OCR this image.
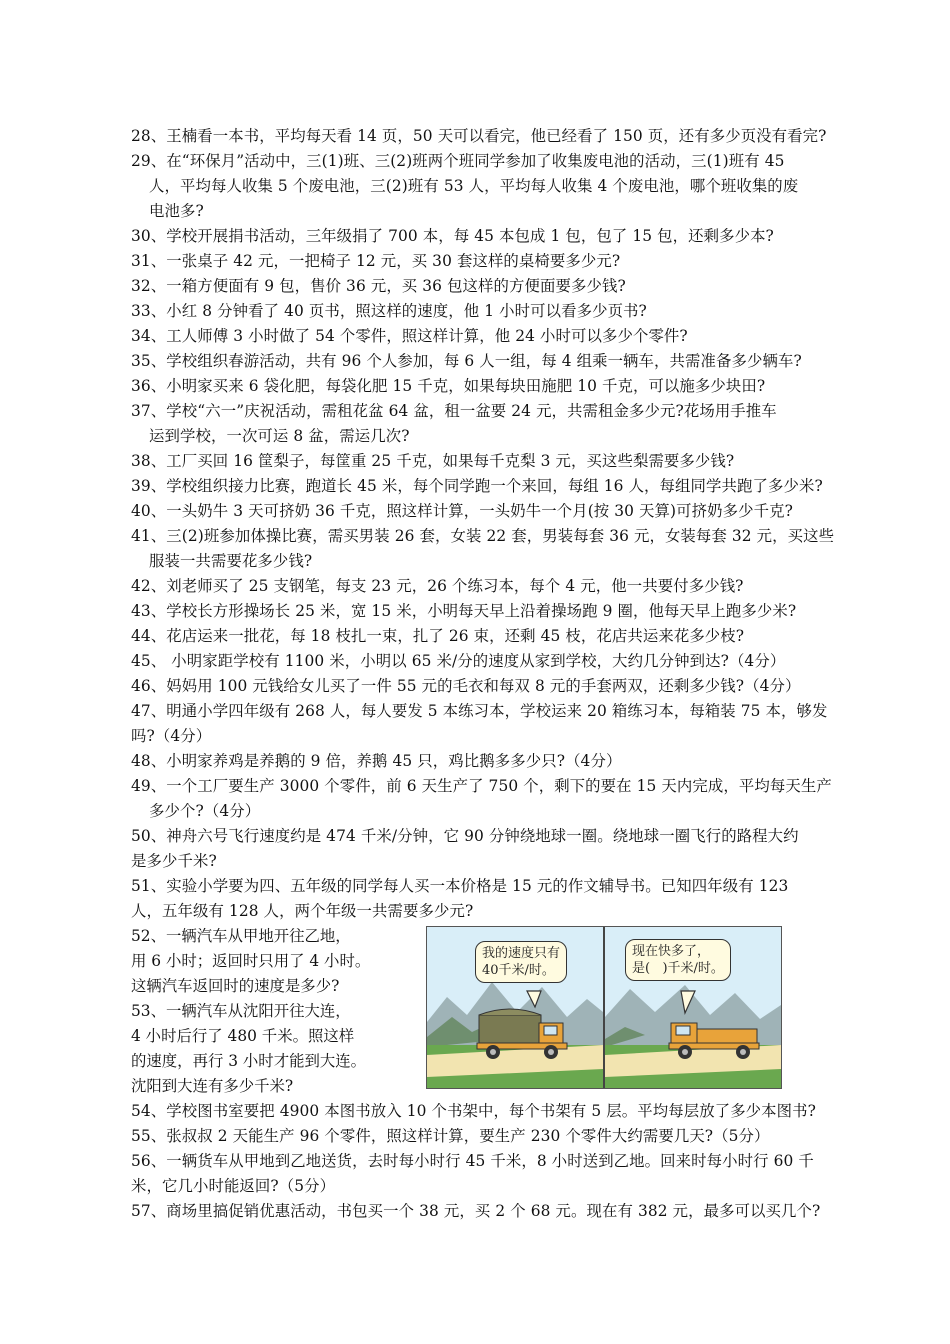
28、王楠看一本书，平均每天看 14 页，50 天可以看完，他已经看了 150 页，还有多少页没有看完?
29、在“环保月”活动中，三(1)班、三(2)班两个班同学参加了收集废电池的活动，三(1)班有 45
人，平均每人收集 5 个废电池，三(2)班有 53 人，平均每人收集 4 个废电池，哪个班收集的废
电池多?
30、学校开展捐书活动，三年级捐了 700 本，每 45 本包成 1 包，包了 15 包，还剩多少本?
31、一张桌子 42 元，一把椅子 12 元，买 30 套这样的桌椅要多少元?
32、一箱方便面有 9 包，售价 36 元，买 36 包这样的方便面要多少钱?
33、小红 8 分钟看了 40 页书，照这样的速度，他 1 小时可以看多少页书?
34、工人师傅 3 小时做了 54 个零件，照这样计算，他 24 小时可以多少个零件?
35、学校组织春游活动，共有 96 个人参加，每 6 人一组，每 4 组乘一辆车，共需准备多少辆车?
36、小明家买来 6 袋化肥，每袋化肥 15 千克，如果每块田施肥 10 千克，可以施多少块田?
37、学校“六一”庆祝活动，需租花盆 64 盆，租一盆要 24 元，共需租金多少元?花场用手推车
运到学校，一次可运 8 盆，需运几次?
38、工厂买回 16 筐梨子，每筐重 25 千克，如果每千克梨 3 元，买这些梨需要多少钱?
39、学校组织接力比赛，跑道长 45 米，每个同学跑一个来回，每组 16 人，每组同学共跑了多少米?
40、一头奶牛 3 天可挤奶 36 千克，照这样计算，一头奶牛一个月(按 30 天算)可挤奶多少千克?
41、三(2)班参加体操比赛，需买男装 26 套，女装 22 套，男装每套 36 元，女装每套 32 元，买这些
服装一共需要花多少钱?
42、刘老师买了 25 支钢笔，每支 23 元，26 个练习本，每个 4 元，他一共要付多少钱?
43、学校长方形操场长 25 米，宽 15 米，小明每天早上沿着操场跑 9 圈，他每天早上跑多少米?
44、花店运来一批花，每 18 枝扎一束，扎了 26 束，还剩 45 枝，花店共运来花多少枝?
45、 小明家距学校有 1100 米，小明以 65 米/分的速度从家到学校，大约几分钟到达?（4分）
46、妈妈用 100 元钱给女儿买了一件 55 元的毛衣和每双 8 元的手套两双，还剩多少钱?（4分）
47、明通小学四年级有 268 人，每人要发 5 本练习本，学校运来 20 箱练习本，每箱装 75 本，够发
吗?（4分）
48、小明家养鸡是养鹅的 9 倍，养鹅 45 只，鸡比鹅多多少只?（4分）
49、一个工厂要生产 3000 个零件，前 6 天生产了 750 个，剩下的要在 15 天内完成，平均每天生产
多少个?（4分）
50、神舟六号飞行速度约是 474 千米/分钟，它 90 分钟绕地球一圈。绕地球一圈飞行的路程大约
是多少千米?
51、实验小学要为四、五年级的同学每人买一本价格是 15 元的作文辅导书。已知四年级有 123
人，五年级有 128 人，两个年级一共需要多少元?
52、一辆汽车从甲地开往乙地，
用 6 小时；返回时只用了 4 小时。
这辆汽车返回时的速度是多少?
53、一辆汽车从沈阳开往大连，
4 小时后行了 480 千米。照这样
的速度，再行 3 小时才能到大连。
沈阳到大连有多少千米?
我的速度只有
40千米/时。
现在快多了，
是( )千米/时。
54、学校图书室要把 4900 本图书放入 10 个书架中，每个书架有 5 层。平均每层放了多少本图书?
55、张叔叔 2 天能生产 96 个零件，照这样计算，要生产 230 个零件大约需要几天?（5分）
56、一辆货车从甲地到乙地送货，去时每小时行 45 千米，8 小时送到乙地。回来时每小时行 60 千
米，它几小时能返回?（5分）
57、商场里搞促销优惠活动，书包买一个 38 元，买 2 个 68 元。现在有 382 元，最多可以买几个?
